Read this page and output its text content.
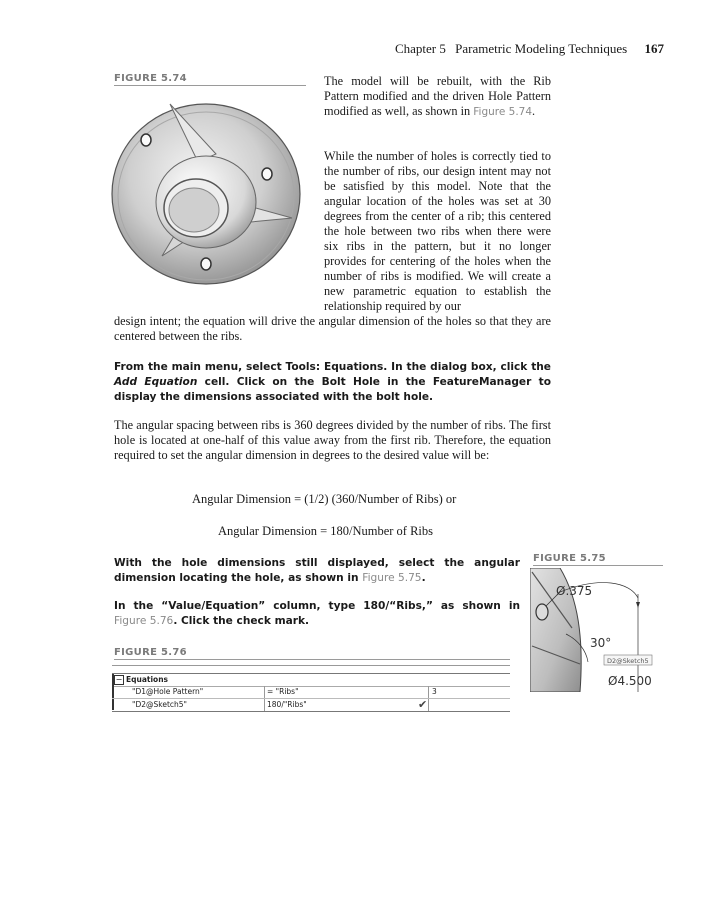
Chapter 5 Parametric Modeling Techniques 167
FIGURE 5.74	The model will be rebuilt, with the Rib Pattern modified and the driven Hole Pattern modified as well, as shown in Figure 5.74.

While the number of holes is correctly tied to the number of ribs, our design intent may not be satisfied by this model. Note that the angular location of the holes was set at 30 degrees from the center of a rib; this centered the hole between two ribs when there were six ribs in the pattern, but it no longer provides for centering of the holes when the number of ribs is modified. We will create a new parametric equation to establish the relationship required by our

design intent; the equation will drive the angular dimension of the holes so that they are centered between the ribs.

From the main menu, select Tools: Equations. In the dialog box, click the Add Equation cell. Click on the Bolt Hole in the FeatureManager to display the dimensions associated with the bolt hole.

The angular spacing between ribs is 360 degrees divided by the number of ribs. The first hole is located at one-half of this value away from the first rib. Therefore, the equation required to set the angular dimension in degrees to the desired value will be:

Angular Dimension = (1/2) (360/Number of Ribs) or
Angular Dimension = 180/Number of Ribs
With the hole dimensions still displayed, select the angular dimension locating the hole, as shown in Figure 5.75.
In the “Value/Equation” column, type 180/“Ribs,” as shown in Figure 5.76. Click the check mark.
FIGURE 5.75
Ø.375
30°
D2@Sketch5
Ø4.500
FIGURE 5.76
− Equations
"D1@Hole Pattern"	= "Ribs"	3
"D2@Sketch5"	180/"Ribs"	✔
